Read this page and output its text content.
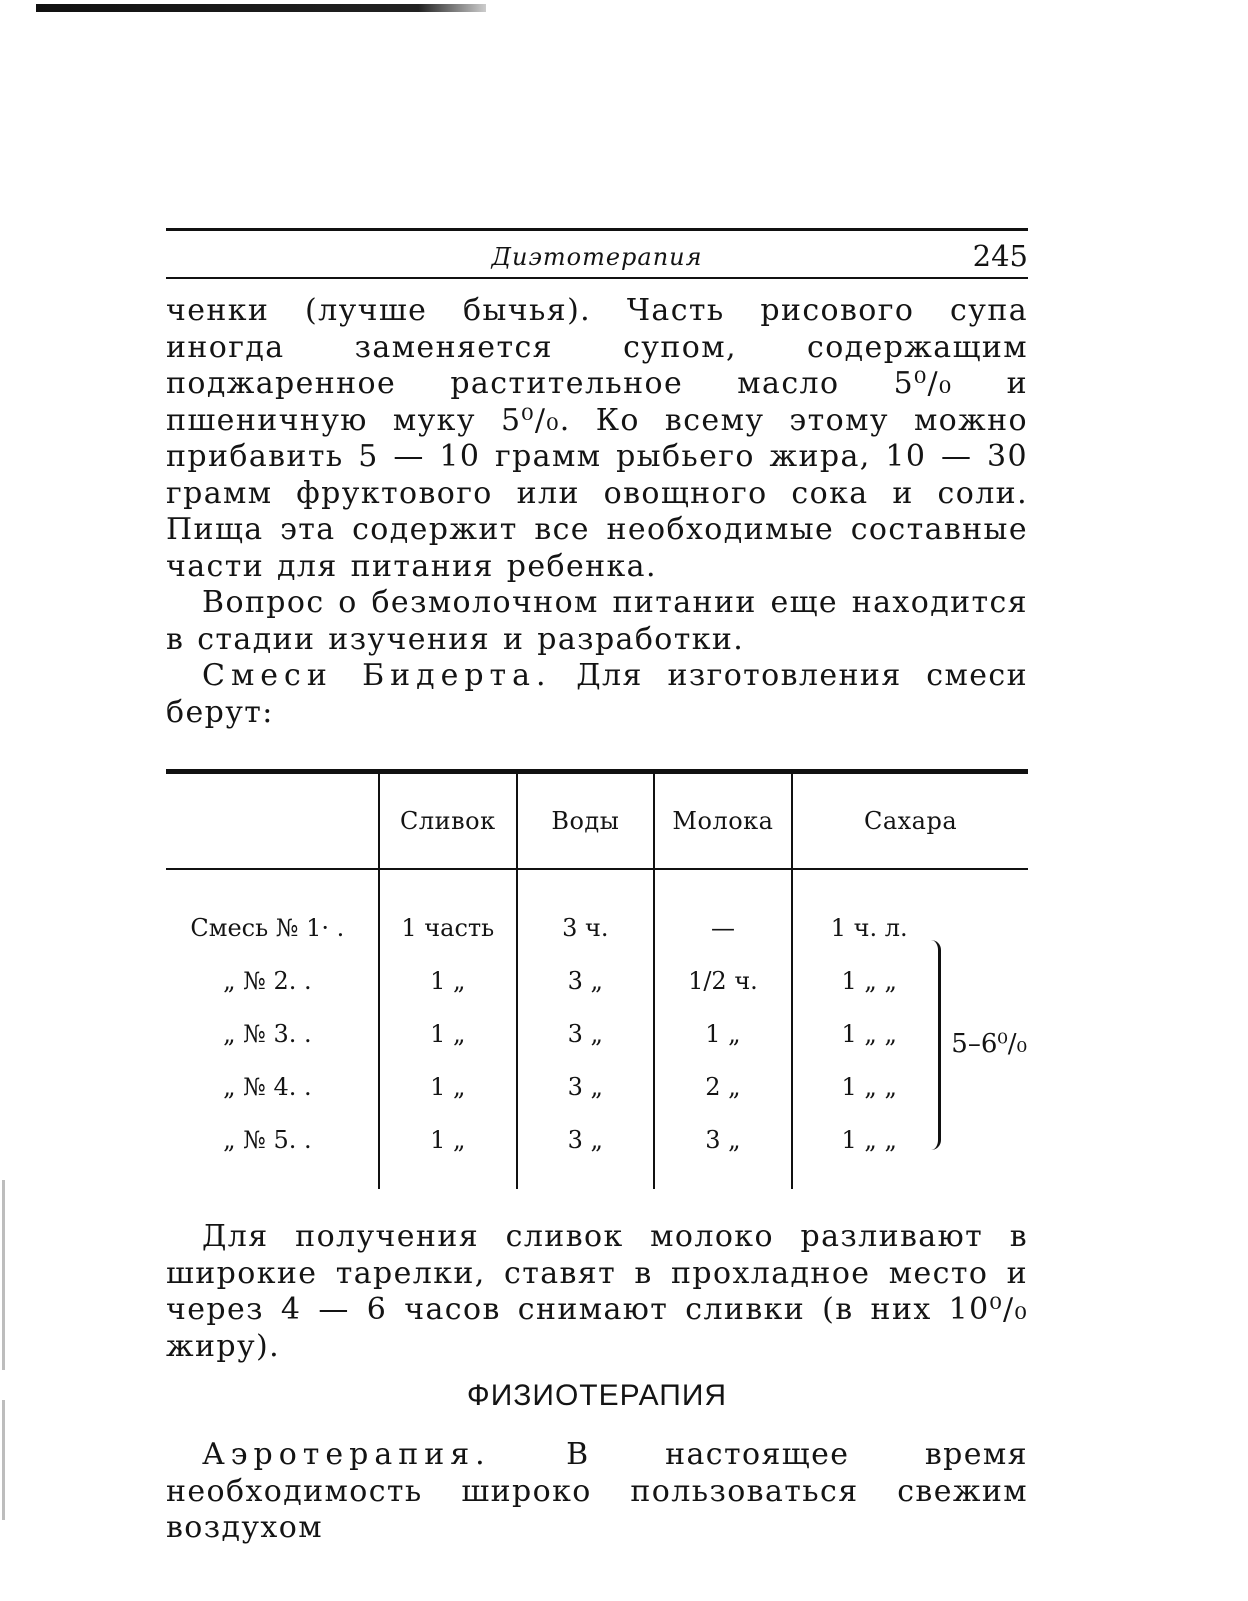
Диэтотерапия	245

ченки (лучше бычья). Часть рисового супа иногда заменяется супом, содержащим поджаренное растительное масло 5⁰/₀ и пшеничную муку 5⁰/₀. Ко всему этому можно прибавить 5 — 10 грамм рыбьего жира, 10 — 30 грамм фруктового или овощного сока и соли. Пища эта содержит все необходимые составные части для питания ребенка.

Вопрос о безмолочном питании еще находится в стадии изучения и разработки.

Смеси Бидерта. Для изготовления смеси берут:

	Сливок	Воды	Молока	Сахара	
Смесь № 1· .	1 часть	3 ч.	—	1 ч. л.	5–6⁰/₀
„ № 2. .	1 „	3 „	1/2 ч.	1 „ „	
„ № 3. .	1 „	3 „	1 „	1 „ „	
„ № 4. .	1 „	3 „	2 „	1 „ „	
„ № 5. .	1 „	3 „	3 „	1 „ „	

Для получения сливок молоко разливают в широкие тарелки, ставят в прохладное место и через 4 — 6 часов снимают сливки (в них 10⁰/₀ жиру).

ФИЗИОТЕРАПИЯ

Аэротерапия. В настоящее время необходимость широко пользоваться свежим воздухом
